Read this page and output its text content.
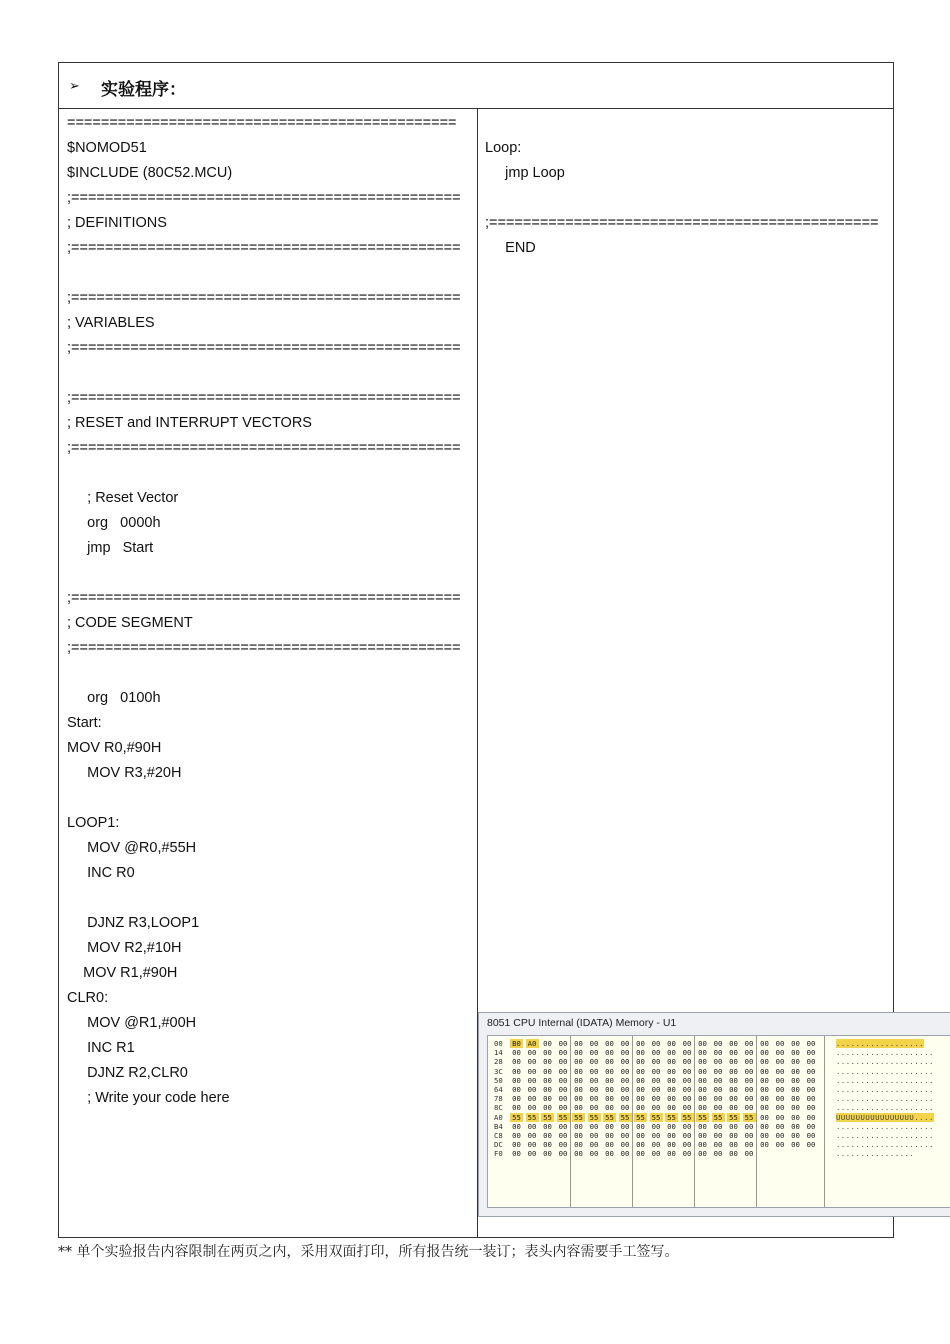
➢ 实验程序：
==============================================
$NOMOD51
$INCLUDE (80C52.MCU)
;==============================================
; DEFINITIONS
;==============================================

;==============================================
; VARIABLES
;==============================================

;==============================================
; RESET and INTERRUPT VECTORS
;==============================================

; Reset Vector
org   0000h
jmp   Start

;==============================================
; CODE SEGMENT
;==============================================

org   0100h
Start:
MOV R0,#90H
MOV R3,#20H

LOOP1:
MOV @R0,#55H
INC R0

DJNZ R3,LOOP1
MOV R2,#10H
MOV R1,#90H
CLR0:
MOV @R1,#00H
INC R1
DJNZ R2,CLR0
; Write your code here
Loop:
jmp Loop

;==============================================
END
8051 CPU Internal (IDATA) Memory - U1
00 B0 A0 00 00 00 00 00 00 00 00 00 00 00 00 00 00 00 00 00 00	..................
14 00 00 00 00 00 00 00 00 00 00 00 00 00 00 00 00 00 00 00 00	....................
28 00 00 00 00 00 00 00 00 00 00 00 00 00 00 00 00 00 00 00 00	....................
3C 00 00 00 00 00 00 00 00 00 00 00 00 00 00 00 00 00 00 00 00	....................
50 00 00 00 00 00 00 00 00 00 00 00 00 00 00 00 00 00 00 00 00	....................
64 00 00 00 00 00 00 00 00 00 00 00 00 00 00 00 00 00 00 00 00	....................
78 00 00 00 00 00 00 00 00 00 00 00 00 00 00 00 00 00 00 00 00	....................
8C 00 00 00 00 00 00 00 00 00 00 00 00 00 00 00 00 00 00 00 00	....................
A0 55 55 55 55 55 55 55 55 55 55 55 55 55 55 55 55 00 00 00 00	UUUUUUUUUUUUUUUU....
B4 00 00 00 00 00 00 00 00 00 00 00 00 00 00 00 00 00 00 00 00	....................
C8 00 00 00 00 00 00 00 00 00 00 00 00 00 00 00 00 00 00 00 00	....................
DC 00 00 00 00 00 00 00 00 00 00 00 00 00 00 00 00 00 00 00 00	....................
F0 00 00 00 00 00 00 00 00 00 00 00 00 00 00 00 00	................
** 单个实验报告内容限制在两页之内，采用双面打印，所有报告统一装订；表头内容需要手工签写。
